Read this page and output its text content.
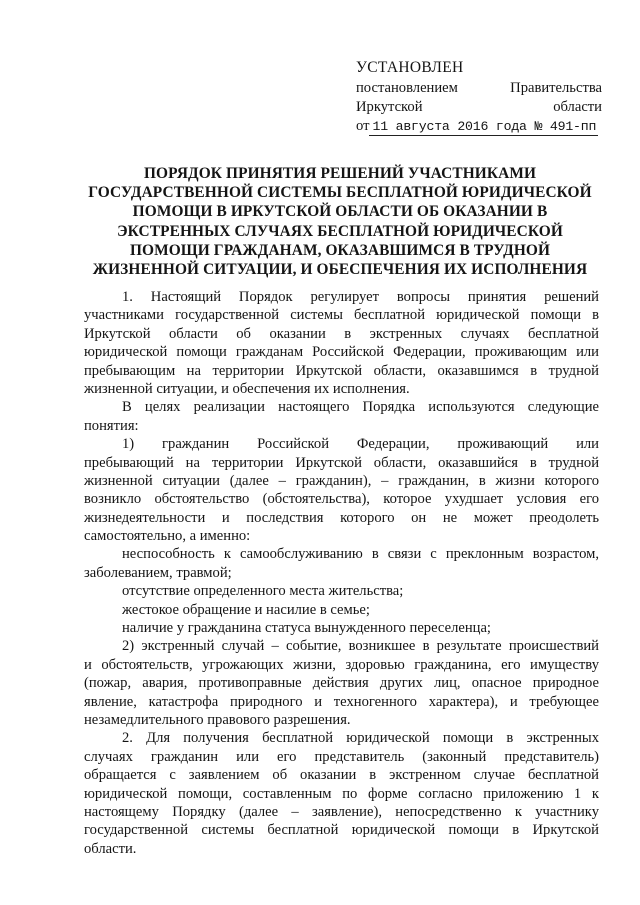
УСТАНОВЛЕН
постановлением	Правительства
Иркутской	области
от 11 августа 2016 года № 491-пп
ПОРЯДОК ПРИНЯТИЯ РЕШЕНИЙ УЧАСТНИКАМИ
ГОСУДАРСТВЕННОЙ СИСТЕМЫ БЕСПЛАТНОЙ ЮРИДИЧЕСКОЙ
ПОМОЩИ В ИРКУТСКОЙ ОБЛАСТИ ОБ ОКАЗАНИИ В
ЭКСТРЕННЫХ СЛУЧАЯХ БЕСПЛАТНОЙ ЮРИДИЧЕСКОЙ
ПОМОЩИ ГРАЖДАНАМ, ОКАЗАВШИМСЯ В ТРУДНОЙ
ЖИЗНЕННОЙ СИТУАЦИИ, И ОБЕСПЕЧЕНИЯ ИХ ИСПОЛНЕНИЯ
1. Настоящий Порядок регулирует вопросы принятия решений
участниками государственной системы бесплатной юридической помощи в
Иркутской области об оказании в экстренных случаях бесплатной
юридической помощи гражданам Российской Федерации, проживающим или
пребывающим на территории Иркутской области, оказавшимся в трудной
жизненной ситуации, и обеспечения их исполнения.
В целях реализации настоящего Порядка используются следующие
понятия:
1) гражданин Российской Федерации, проживающий или
пребывающий на территории Иркутской области, оказавшийся в трудной
жизненной ситуации (далее – гражданин), – гражданин, в жизни которого
возникло обстоятельство (обстоятельства), которое ухудшает условия его
жизнедеятельности и последствия которого он не может преодолеть
самостоятельно, а именно:
неспособность к самообслуживанию в связи с преклонным возрастом,
заболеванием, травмой;
отсутствие определенного места жительства;
жестокое обращение и насилие в семье;
наличие у гражданина статуса вынужденного переселенца;
2) экстренный случай – событие, возникшее в результате происшествий
и обстоятельств, угрожающих жизни, здоровью гражданина, его имуществу
(пожар, авария, противоправные действия других лиц, опасное природное
явление, катастрофа природного и техногенного характера), и требующее
незамедлительного правового разрешения.
2. Для получения бесплатной юридической помощи в экстренных
случаях гражданин или его представитель (законный представитель)
обращается с заявлением об оказании в экстренном случае бесплатной
юридической помощи, составленным по форме согласно приложению 1 к
настоящему Порядку (далее – заявление), непосредственно к участнику
государственной системы бесплатной юридической помощи в Иркутской
области.
